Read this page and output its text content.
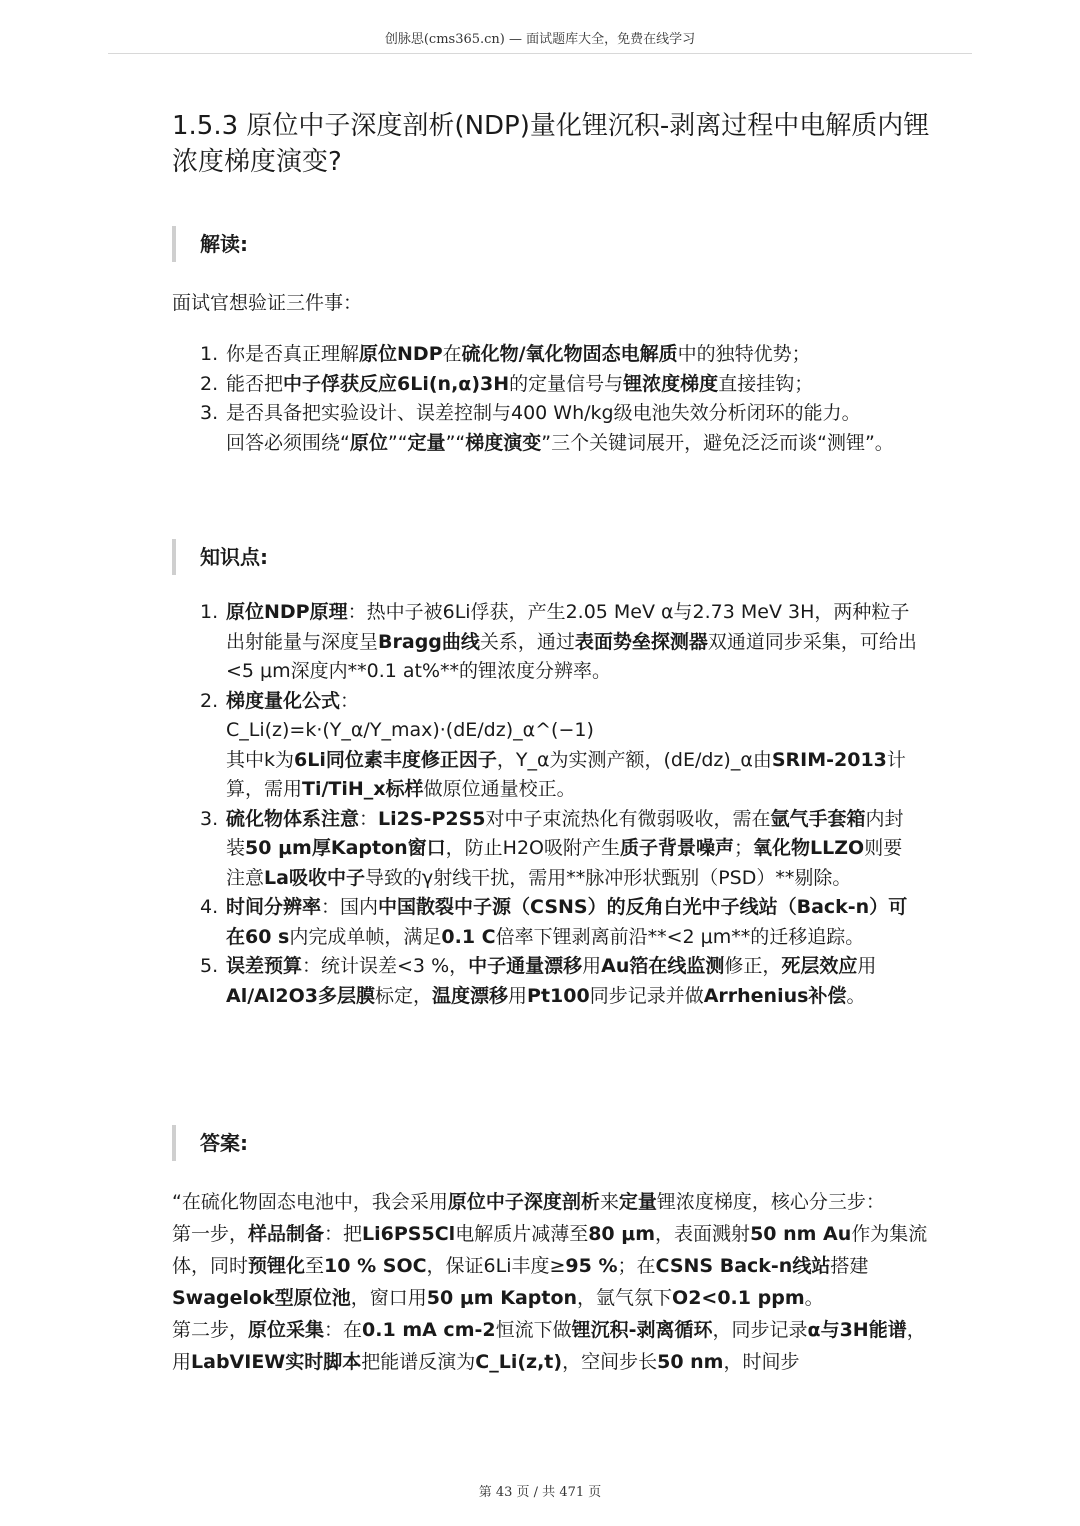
创脉思(cms365.cn) — 面试题库大全，免费在线学习
1.5.3 原位中子深度剖析(NDP)量化锂沉积-剥离过程中电解质内锂浓度梯度演变?
解读:

面试官想验证三件事：

1. 你是否真正理解原位NDP在硫化物/氧化物固态电解质中的独特优势；
2. 能否把中子俘获反应6Li(n,α)3H的定量信号与锂浓度梯度直接挂钩；
3. 是否具备把实验设计、误差控制与400 Wh/kg级电池失效分析闭环的能力。
回答必须围绕“原位”“定量”“梯度演变”三个关键词展开，避免泛泛而谈“测锂”。
知识点:
1. 原位NDP原理：热中子被6Li俘获，产生2.05 MeV α与2.73 MeV 3H，两种粒子出射能量与深度呈Bragg曲线关系，通过表面势垒探测器双通道同步采集，可给出<5 μm深度内**0.1 at%**的锂浓度分辨率。
2. 梯度量化公式：
C_Li(z)=k·(Y_α/Y_max)·(dE/dz)_α^(−1)
其中k为6Li同位素丰度修正因子，Y_α为实测产额，(dE/dz)_α由SRIM-2013计算，需用Ti/TiH_x标样做原位通量校正。
3. 硫化物体系注意：Li2S-P2S5对中子束流热化有微弱吸收，需在氩气手套箱内封装50 μm厚Kapton窗口，防止H2O吸附产生质子背景噪声；氧化物LLZO则要注意La吸收中子导致的γ射线干扰，需用**脉冲形状甄别（PSD）**剔除。
4. 时间分辨率：国内中国散裂中子源（CSNS）的反角白光中子线站（Back-n）可在60 s内完成单帧，满足0.1 C倍率下锂剥离前沿**<2 μm**的迁移追踪。
5. 误差预算：统计误差<3 %，中子通量漂移用Au箔在线监测修正，死层效应用Al/Al2O3多层膜标定，温度漂移用Pt100同步记录并做Arrhenius补偿。
答案:
“在硫化物固态电池中，我会采用原位中子深度剖析来定量锂浓度梯度，核心分三步：
第一步，样品制备：把Li6PS5Cl电解质片减薄至80 μm，表面溅射50 nm Au作为集流体，同时预锂化至10 % SOC，保证6Li丰度≥95 %；在CSNS Back-n线站搭建Swagelok型原位池，窗口用50 μm Kapton，氩气氛下O2<0.1 ppm。
第二步，原位采集：在0.1 mA cm-2恒流下做锂沉积-剥离循环，同步记录α与3H能谱，用LabVIEW实时脚本把能谱反演为C_Li(z,t)，空间步长50 nm，时间步
第 43 页 / 共 471 页
